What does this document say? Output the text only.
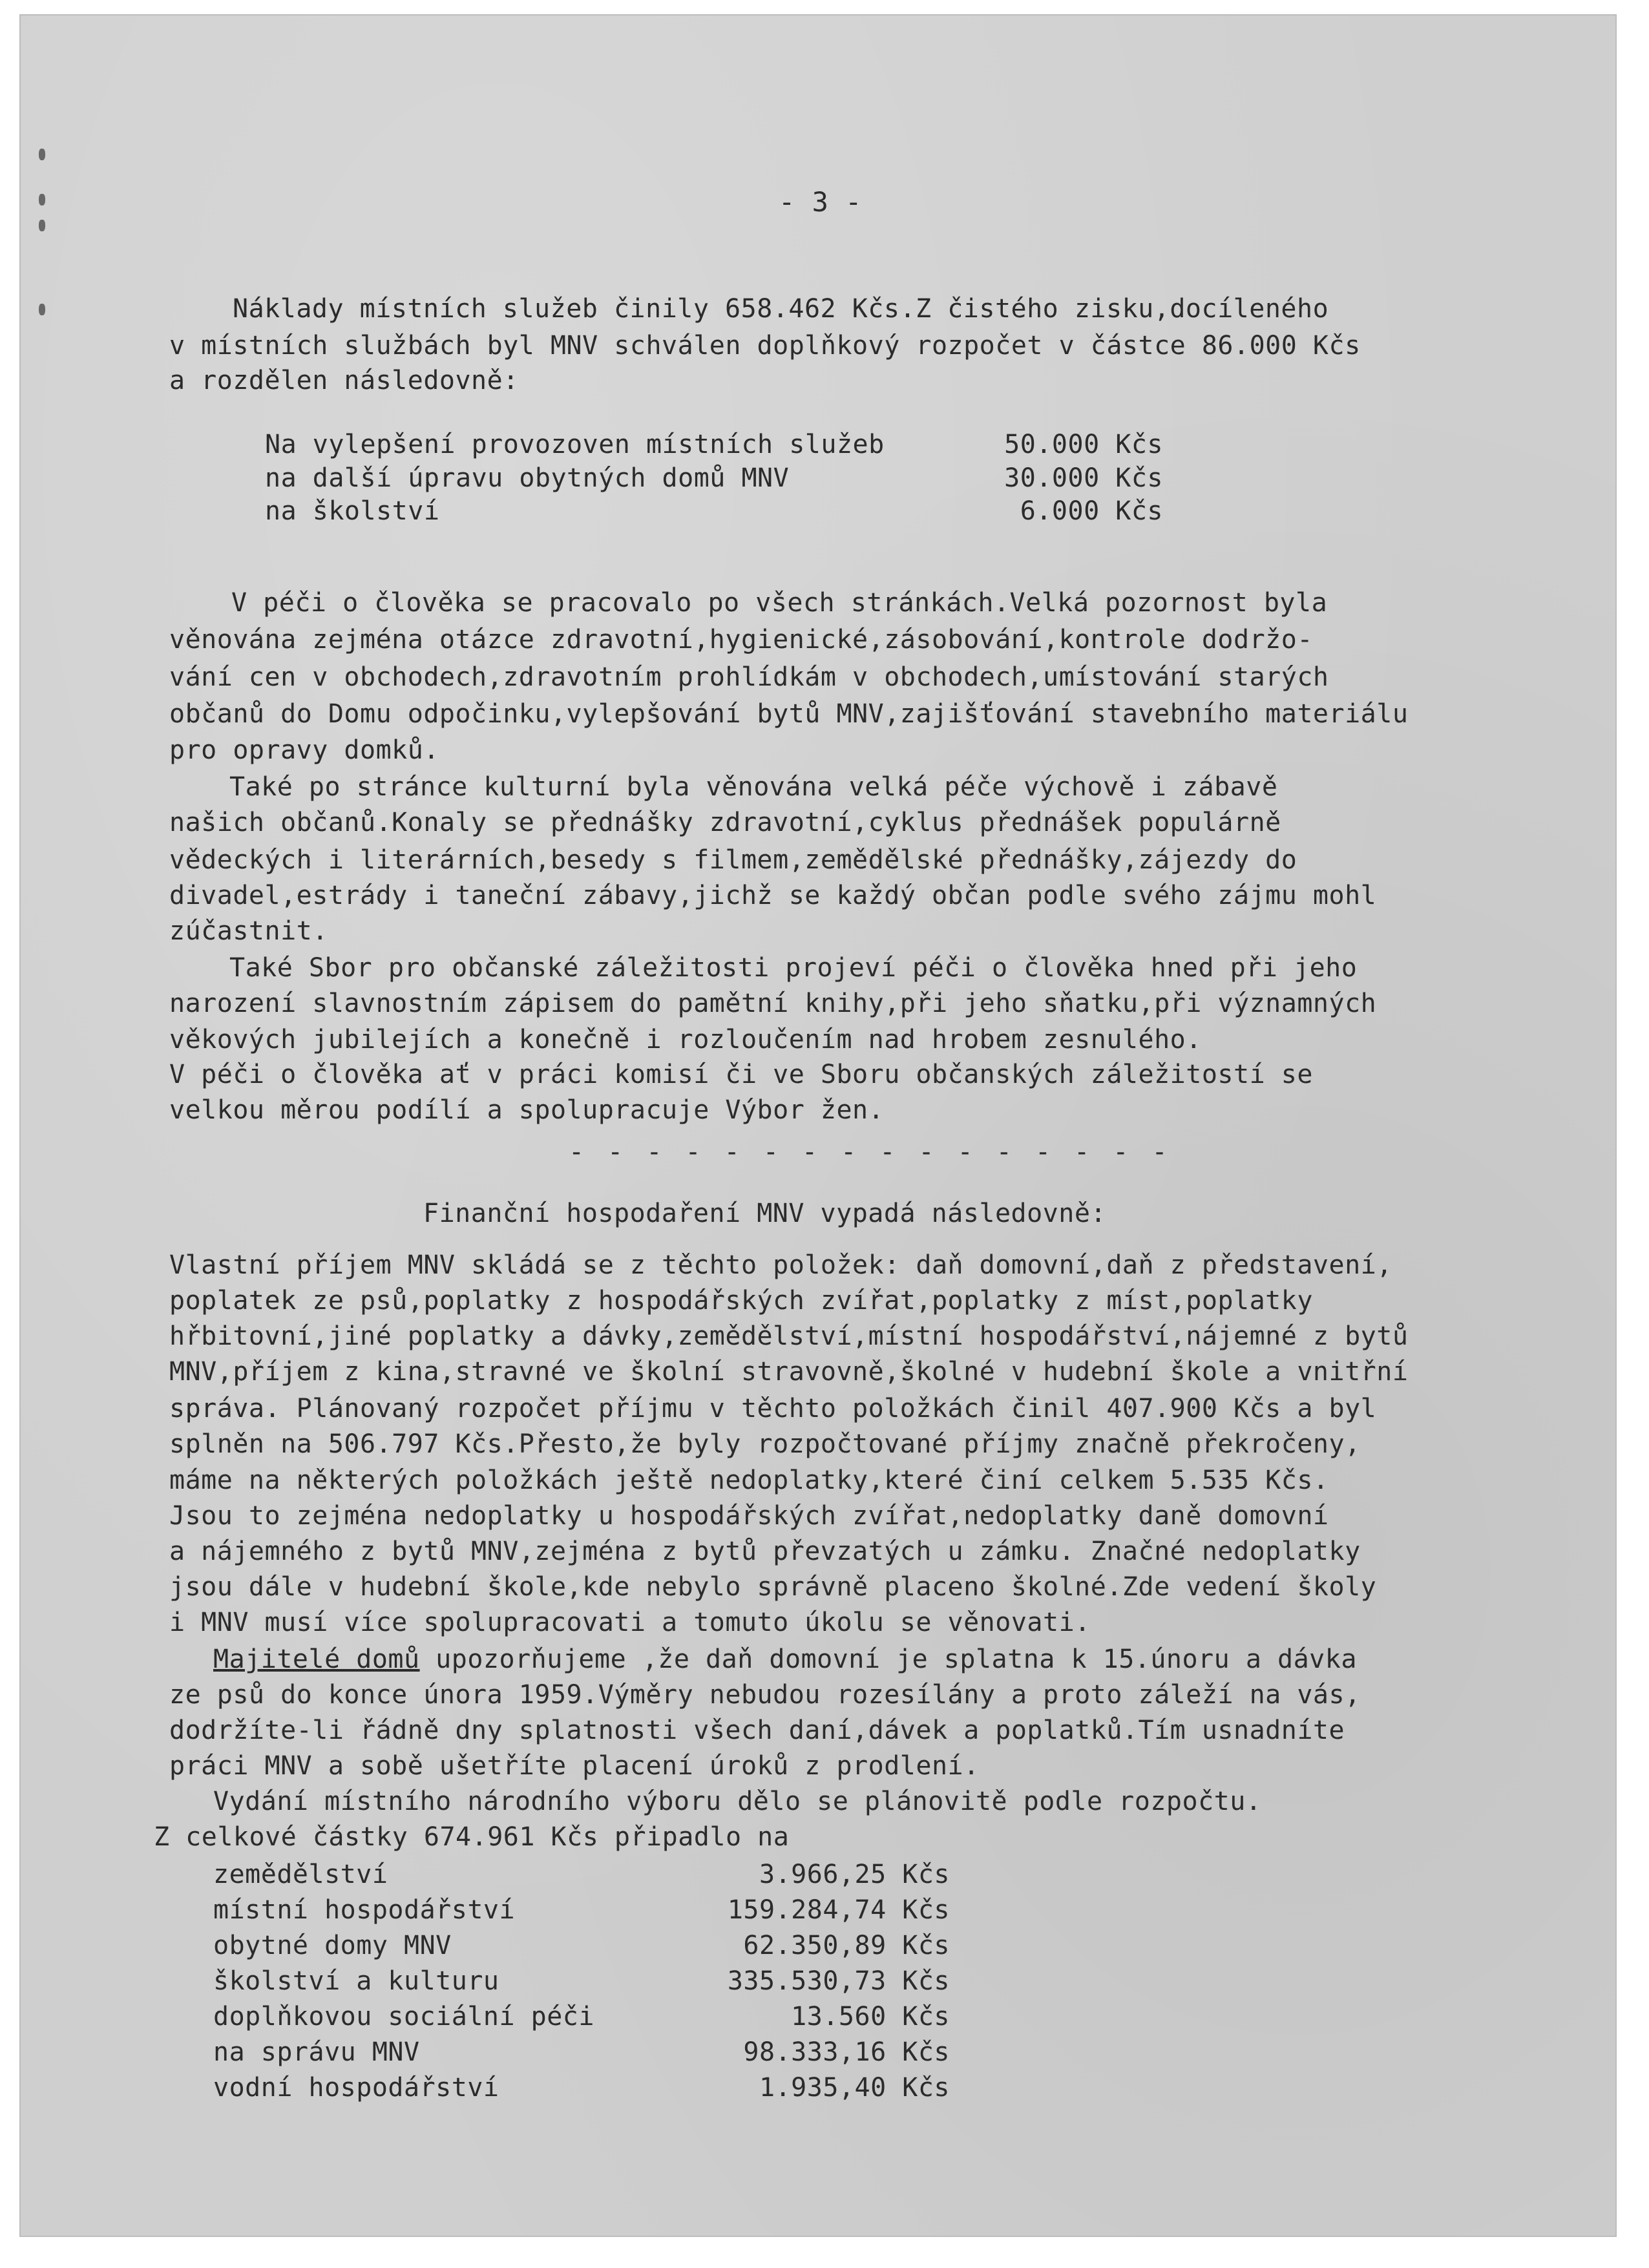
- 3 -
Náklady místních služeb činily 658.462 Kčs.Z čistého zisku,docíleného
v místních službách byl MNV schválen doplňkový rozpočet v částce 86.000 Kčs
a rozdělen následovně:
Na vylepšení provozoven místních služeb	50.000 Kčs
na další úpravu obytných domů MNV	30.000 Kčs
na školství	6.000 Kčs
V péči o člověka se pracovalo po všech stránkách.Velká pozornost byla
věnována zejména otázce zdravotní,hygienické,zásobování,kontrole dodržo-
vání cen v obchodech,zdravotním prohlídkám v obchodech,umístování starých
občanů do Domu odpočinku,vylepšování bytů MNV,zajišťování stavebního materiálu
pro opravy domků.
Také po stránce kulturní byla věnována velká péče výchově i zábavě
našich občanů.Konaly se přednášky zdravotní,cyklus přednášek populárně
vědeckých i literárních,besedy s filmem,zemědělské přednášky,zájezdy do
divadel,estrády i taneční zábavy,jichž se každý občan podle svého zájmu mohl
zúčastnit.
Také Sbor pro občanské záležitosti projeví péči o člověka hned při jeho
narození slavnostním zápisem do pamětní knihy,při jeho sňatku,při významných
věkových jubilejích a konečně i rozloučením nad hrobem zesnulého.
V péči o člověka ať v práci komisí či ve Sboru občanských záležitostí se
velkou měrou podílí a spolupracuje Výbor žen.
- - - - - - - - - - - - - - - -
Finanční hospodaření MNV vypadá následovně:
Vlastní příjem MNV skládá se z těchto položek: daň domovní,daň z představení,
poplatek ze psů,poplatky z hospodářských zvířat,poplatky z míst,poplatky
hřbitovní,jiné poplatky a dávky,zemědělství,místní hospodářství,nájemné z bytů
MNV,příjem z kina,stravné ve školní stravovně,školné v hudební škole a vnitřní
správa. Plánovaný rozpočet příjmu v těchto položkách činil 407.900 Kčs a byl
splněn na 506.797 Kčs.Přesto,že byly rozpočtované příjmy značně překročeny,
máme na některých položkách ještě nedoplatky,které činí celkem 5.535 Kčs.
Jsou to zejména nedoplatky u hospodářských zvířat,nedoplatky daně domovní
a nájemného z bytů MNV,zejména z bytů převzatých u zámku. Značné nedoplatky
jsou dále v hudební škole,kde nebylo správně placeno školné.Zde vedení školy
i MNV musí více spolupracovati a tomuto úkolu se věnovati.
Majitelé domů upozorňujeme ,že daň domovní je splatna k 15.únoru a dávka
ze psů do konce února 1959.Výměry nebudou rozesílány a proto záleží na vás,
dodržíte-li řádně dny splatnosti všech daní,dávek a poplatků.Tím usnadníte
práci MNV a sobě ušetříte placení úroků z prodlení.
Vydání místního národního výboru dělo se plánovitě podle rozpočtu.
Z celkové částky 674.961 Kčs připadlo na
zemědělství	3.966,25 Kčs
místní hospodářství	159.284,74 Kčs
obytné domy MNV	62.350,89 Kčs
školství a kulturu	335.530,73 Kčs
doplňkovou sociální péči	13.560 Kčs
na správu MNV	98.333,16 Kčs
vodní hospodářství	1.935,40 Kčs
